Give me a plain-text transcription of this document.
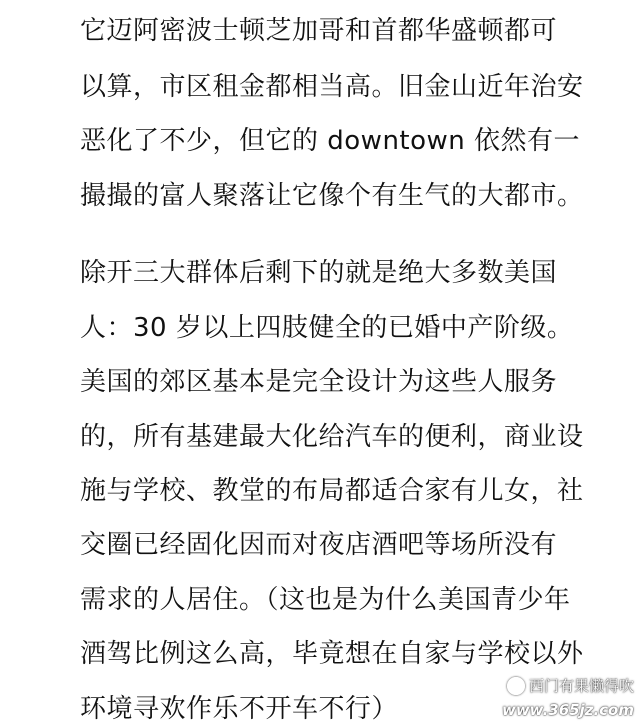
它迈阿密波士顿芝加哥和首都华盛顿都可
以算，市区租金都相当高。旧金山近年治安
恶化了不少，但它的 downtown 依然有一
撮撮的富人聚落让它像个有生气的大都市。
除开三大群体后剩下的就是绝大多数美国
人：30 岁以上四肢健全的已婚中产阶级。
美国的郊区基本是完全设计为这些人服务
的，所有基建最大化给汽车的便利，商业设
施与学校、教堂的布局都适合家有儿女，社
交圈已经固化因而对夜店酒吧等场所没有
需求的人居住。（这也是为什么美国青少年
酒驾比例这么高，毕竟想在自家与学校以外
环境寻欢作乐不开车不行）
西门有果懒得吹
www.365jz.com
